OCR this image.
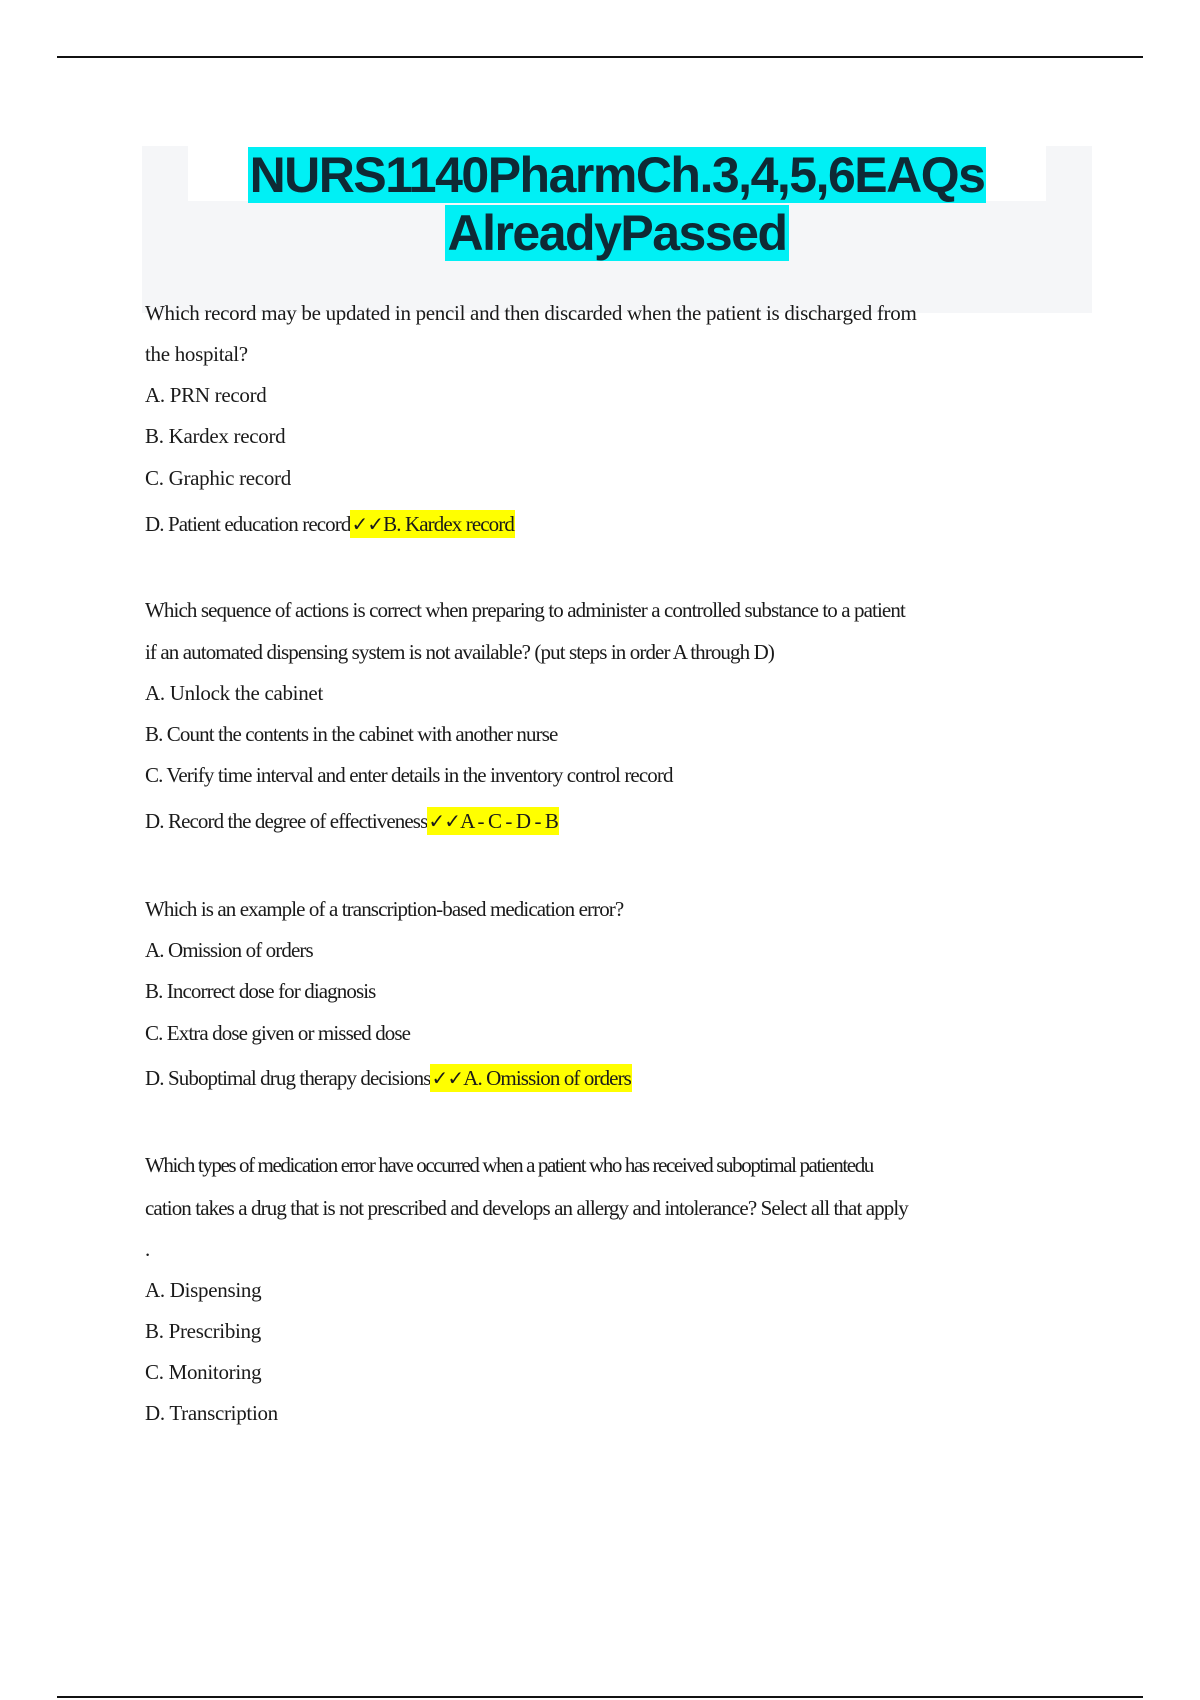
NURS1140PharmCh.3,4,5,6EAQs
AlreadyPassed
Which record may be updated in pencil and then discarded when the patient is discharged from
the hospital?
A. PRN record
B. Kardex record
C. Graphic record
D. Patient education record✓✓B. Kardex record
Which sequence of actions is correct when preparing to administer a controlled substance to a patient
if an automated dispensing system is not available? (put steps in order A through D)
A. Unlock the cabinet
B. Count the contents in the cabinet with another nurse
C. Verify time interval and enter details in the inventory control record
D. Record the degree of effectiveness✓✓A - C - D - B
Which is an example of a transcription-based medication error?
A. Omission of orders
B. Incorrect dose for diagnosis
C. Extra dose given or missed dose
D. Suboptimal drug therapy decisions✓✓A. Omission of orders
Which types of medication error have occurred when a patient who has received suboptimal patientedu
cation takes a drug that is not prescribed and develops an allergy and intolerance? Select all that apply
.
A. Dispensing
B. Prescribing
C. Monitoring
D. Transcription
